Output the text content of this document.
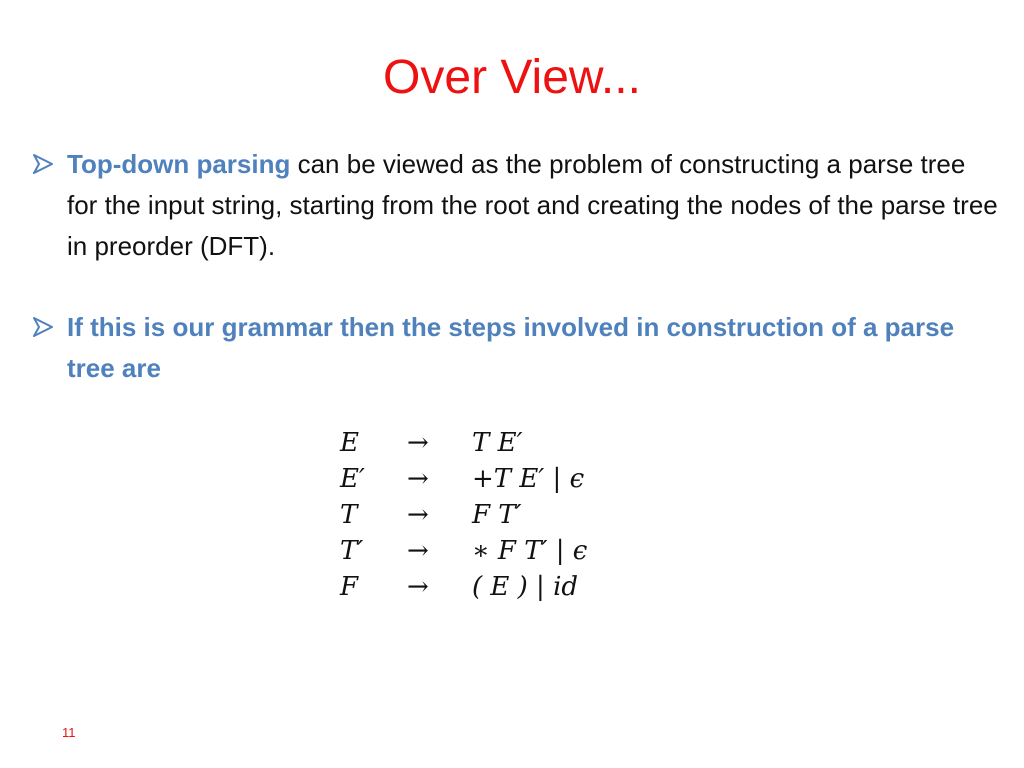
Over View...
Top-down parsing can be viewed as the problem of constructing a parse tree for the input string, starting from the root and creating the nodes of the parse tree in preorder (DFT).
If this is our grammar then the steps involved in construction of a parse tree are
E → T E′
E′ → +T E′ | ϵ
T → F T′
T′ → ∗ F T′ | ϵ
F → ( E ) | id
11
